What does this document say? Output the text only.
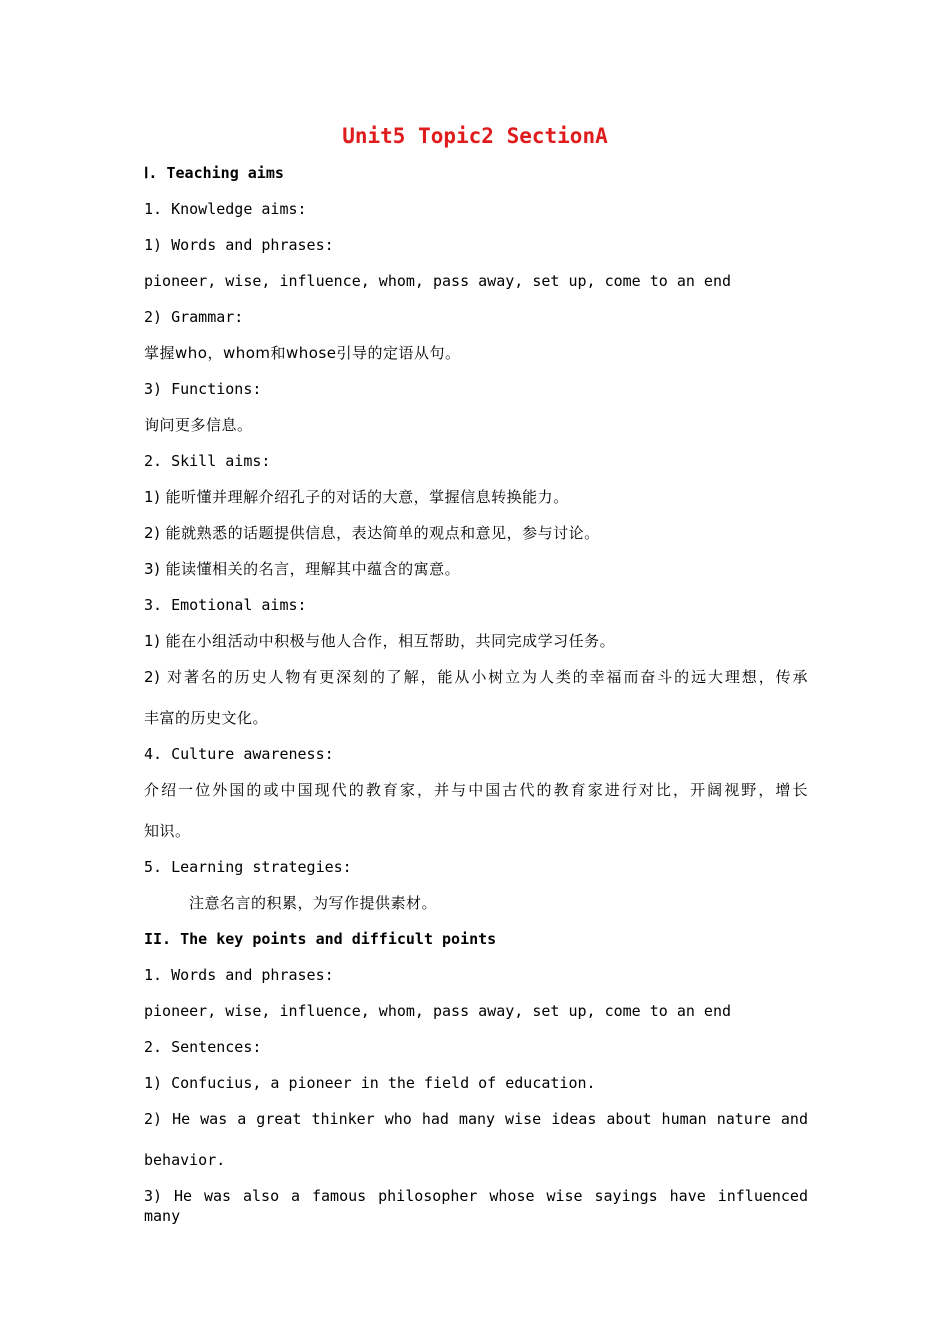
Unit5 Topic2 SectionA
Ⅰ. Teaching aims
1. Knowledge aims:
1) Words and phrases:
pioneer, wise, influence, whom, pass away, set up, come to an end
2) Grammar:
掌握who，whom和whose引导的定语从句。
3) Functions:
询问更多信息。
2. Skill aims:
1) 能听懂并理解介绍孔子的对话的大意，掌握信息转换能力。
2) 能就熟悉的话题提供信息，表达简单的观点和意见，参与讨论。
3) 能读懂相关的名言，理解其中蕴含的寓意。
3. Emotional aims:
1) 能在小组活动中积极与他人合作，相互帮助，共同完成学习任务。
2) 对著名的历史人物有更深刻的了解，能从小树立为人类的幸福而奋斗的远大理想，传承
丰富的历史文化。
4. Culture awareness:
介绍一位外国的或中国现代的教育家，并与中国古代的教育家进行对比，开阔视野，增长
知识。
5. Learning strategies:
注意名言的积累，为写作提供素材。
II. The key points and difficult points
1. Words and phrases:
pioneer, wise, influence, whom, pass away, set up, come to an end
2. Sentences:
1) Confucius, a pioneer in the field of education.
2) He was a great thinker who had many wise ideas about human nature and
behavior.
3) He was also a famous philosopher whose wise sayings have influenced many
